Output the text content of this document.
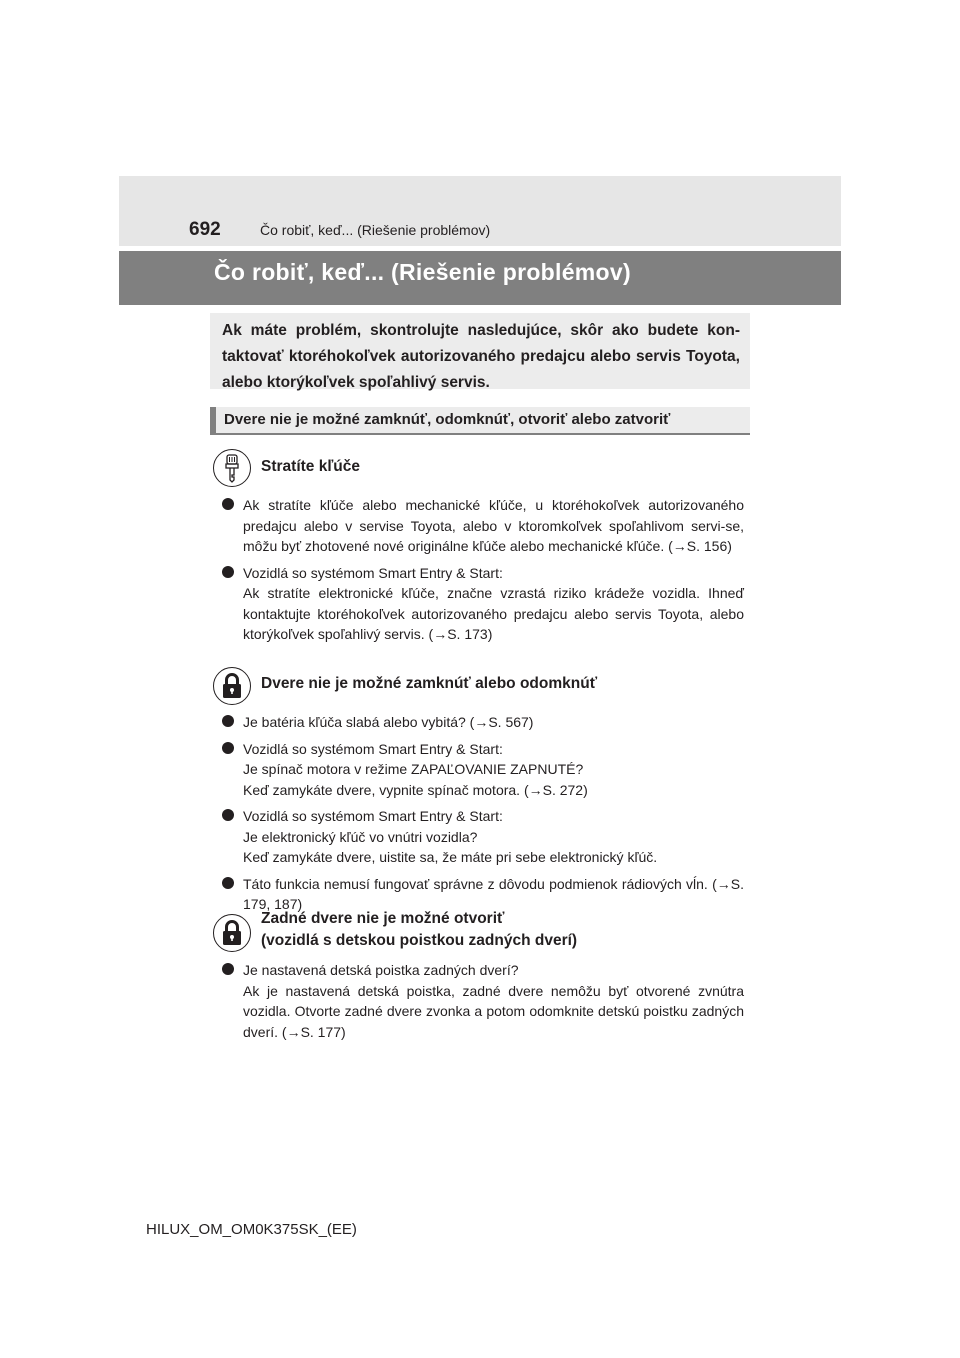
692	Čo robiť, keď... (Riešenie problémov)
Čo robiť, keď... (Riešenie problémov)
Ak máte problém, skontrolujte nasledujúce, skôr ako budete kon-taktovať ktoréhokoľvek autorizovaného predajcu alebo servis Toyota, alebo ktorýkoľvek spoľahlivý servis.
Dvere nie je možné zamknúť, odomknúť, otvoriť alebo zatvoriť
Stratíte kľúče
Ak stratíte kľúče alebo mechanické kľúče, u ktoréhokoľvek autorizovaného predajcu alebo v servise Toyota, alebo v ktoromkoľvek spoľahlivom servi-se, môžu byť zhotovené nové originálne kľúče alebo mechanické kľúče. (→S. 156)
Vozidlá so systémom Smart Entry & Start:
Ak stratíte elektronické kľúče, značne vzrastá riziko krádeže vozidla. Ihneď kontaktujte ktoréhokoľvek autorizovaného predajcu alebo servis Toyota, alebo ktorýkoľvek spoľahlivý servis. (→S. 173)
Dvere nie je možné zamknúť alebo odomknúť
Je batéria kľúča slabá alebo vybitá? (→S. 567)
Vozidlá so systémom Smart Entry & Start:
Je spínač motora v režime ZAPAĽOVANIE ZAPNUTÉ?
Keď zamykáte dvere, vypnite spínač motora. (→S. 272)
Vozidlá so systémom Smart Entry & Start:
Je elektronický kľúč vo vnútri vozidla?
Keď zamykáte dvere, uistite sa, že máte pri sebe elektronický kľúč.
Táto funkcia nemusí fungovať správne z dôvodu podmienok rádiových vĺn. (→S. 179, 187)
Zadné dvere nie je možné otvoriť
(vozidlá s detskou poistkou zadných dverí)
Je nastavená detská poistka zadných dverí?
Ak je nastavená detská poistka, zadné dvere nemôžu byť otvorené zvnútra vozidla. Otvorte zadné dvere zvonka a potom odomknite detskú poistku zadných dverí. (→S. 177)
HILUX_OM_OM0K375SK_(EE)
